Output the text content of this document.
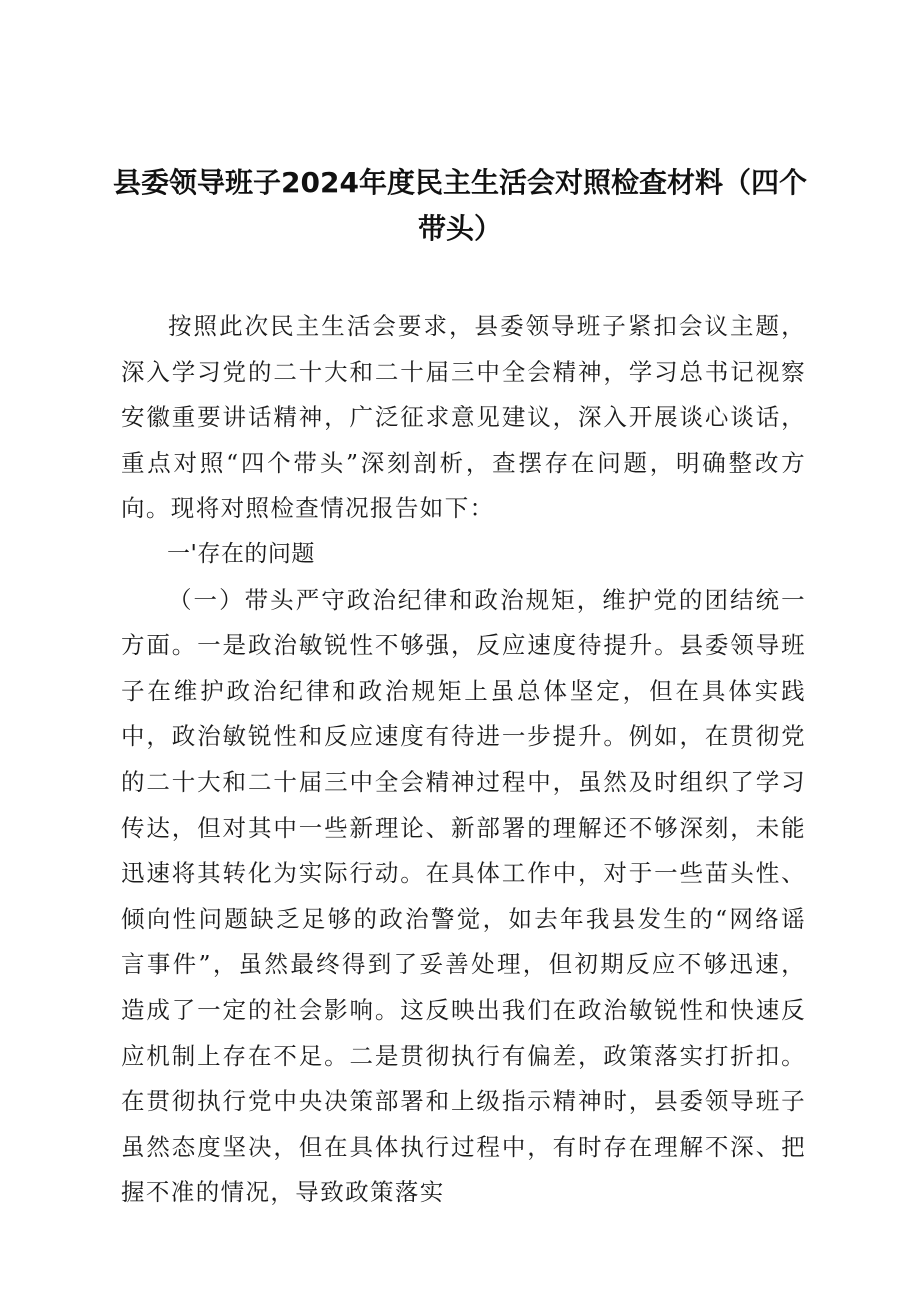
县委领导班子2024年度民主生活会对照检查材料（四个带头）

按照此次民主生活会要求，县委领导班子紧扣会议主题，深入学习党的二十大和二十届三中全会精神，学习总书记视察安徽重要讲话精神，广泛征求意见建议，深入开展谈心谈话，重点对照“四个带头”深刻剖析，查摆存在问题，明确整改方向。现将对照检查情况报告如下：

一'存在的问题

（一）带头严守政治纪律和政治规矩，维护党的团结统一方面。一是政治敏锐性不够强，反应速度待提升。县委领导班子在维护政治纪律和政治规矩上虽总体坚定，但在具体实践中，政治敏锐性和反应速度有待进一步提升。例如，在贯彻党的二十大和二十届三中全会精神过程中，虽然及时组织了学习传达，但对其中一些新理论、新部署的理解还不够深刻，未能迅速将其转化为实际行动。在具体工作中，对于一些苗头性、倾向性问题缺乏足够的政治警觉，如去年我县发生的“网络谣言事件”，虽然最终得到了妥善处理，但初期反应不够迅速，造成了一定的社会影响。这反映出我们在政治敏锐性和快速反应机制上存在不足。二是贯彻执行有偏差，政策落实打折扣。在贯彻执行党中央决策部署和上级指示精神时，县委领导班子虽然态度坚决，但在具体执行过程中，有时存在理解不深、把握不准的情况，导致政策落实
